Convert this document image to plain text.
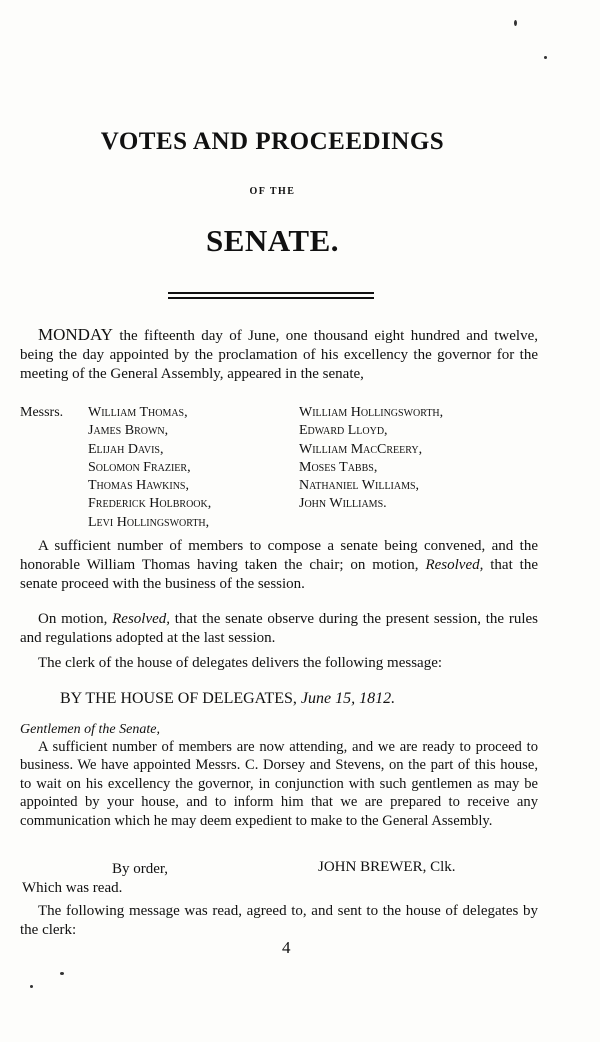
VOTES AND PROCEEDINGS
OF THE
SENATE.
MONDAY the fifteenth day of June, one thousand eight hundred and twelve, being the day appointed by the proclamation of his excellency the governor for the meeting of the General Assembly, appeared in the senate,
Messrs. William Thomas,
James Brown,
Elijah Davis,
Solomon Frazier,
Thomas Hawkins,
Frederick Holbrook,
Levi Hollingsworth,
William Hollingsworth,
Edward Lloyd,
William MacCreery,
Moses Tabbs,
Nathaniel Williams,
John Williams.
A sufficient number of members to compose a senate being convened, and the honorable William Thomas having taken the chair; on motion, Resolved, that the senate proceed with the business of the session.
On motion, Resolved, that the senate observe during the present session, the rules and regulations adopted at the last session.
The clerk of the house of delegates delivers the following message:
BY THE HOUSE OF DELEGATES, June 15, 1812.
Gentlemen of the Senate,
A sufficient number of members are now attending, and we are ready to proceed to business. We have appointed Messrs. C. Dorsey and Stevens, on the part of this house, to wait on his excellency the governor, in conjunction with such gentlemen as may be appointed by your house, and to inform him that we are prepared to receive any communication which he may deem expedient to make to the General Assembly.
By order,	JOHN BREWER, Clk.
Which was read.
The following message was read, agreed to, and sent to the house of delegates by the clerk:
4
